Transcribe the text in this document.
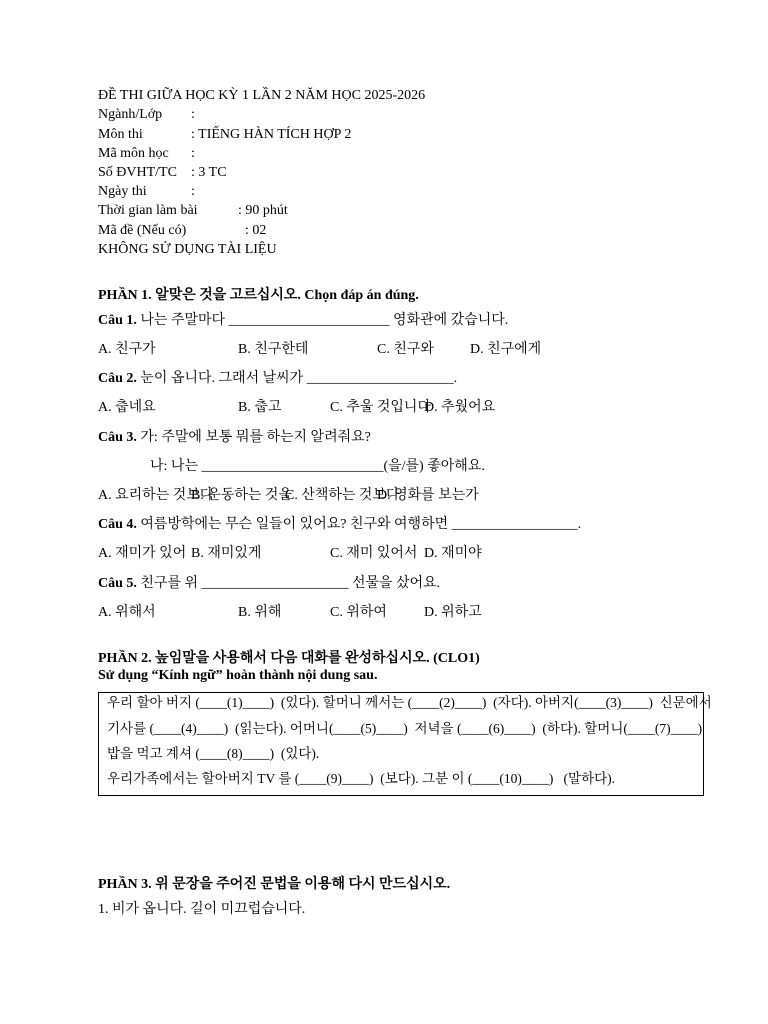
ĐỀ THI GIỮA HỌC KỲ 1 LẦN 2 NĂM HỌC 2025-2026
Ngành/Lớp :
Môn thi	: TIẾNG HÀN TÍCH HỢP 2
Mã môn học :
Số ĐVHT/TC : 3 TC
Ngày thi	:
Thời gian làm bài	: 90 phút
Mã đề (Nếu có)	: 02
KHÔNG SỬ DỤNG TÀI LIỆU
PHẦN 1. 알맞은 것을 고르십시오. Chọn đáp án đúng.
Câu 1. 나는 주말마다 _______________________ 영화관에 갔습니다.
A. 친구가	B. 친구한테	C. 친구와	D. 친구에게
Câu 2. 눈이 옵니다. 그래서 날씨가 _____________________.
A. 춥네요	B. 춥고	C. 추울 것입니다
D. 추웠어요
Câu 3. 가: 주말에 보통 뭐를 하는지 알려줘요?
나: 나는 __________________________(을/를) 좋아해요.
A. 요리하는 것보다
B. 운동하는 것을
C. 산책하는 것보다
D. 영화를 보는가
Câu 4. 여름방학에는 무슨 일들이 있어요? 친구와 여행하면 __________________.
A. 재미가 있어 B. 재미있게	C. 재미 있어서 D. 재미야
Câu 5. 친구를 위 _____________________ 선물을 샀어요.
A. 위해서	B. 위해	C. 위하여	D. 위하고
PHẦN 2. 높임말을 사용해서 다음 대화를 완성하십시오. (CLO1)
Sử dụng “Kính ngữ” hoàn thành nội dung sau.
우리 할아 버지 (____(1)____)  (있다). 할머니 께서는 (____(2)____)  (자다). 아버지(____(3)____)  신문에서
기사를 (____(4)____)  (읽는다). 어머니(____(5)____)  저녁을 (____(6)____)  (하다). 할머니(____(7)____)
밥을 먹고 계셔 (____(8)____)  (있다).
우리가족에서는 할아버지 TV 를 (____(9)____)  (보다). 그분 이 (____(10)____)   (말하다).
PHẦN 3. 위 문장을 주어진 문법을 이용해 다시 만드십시오.
1. 비가 옵니다. 길이 미끄럽습니다.
